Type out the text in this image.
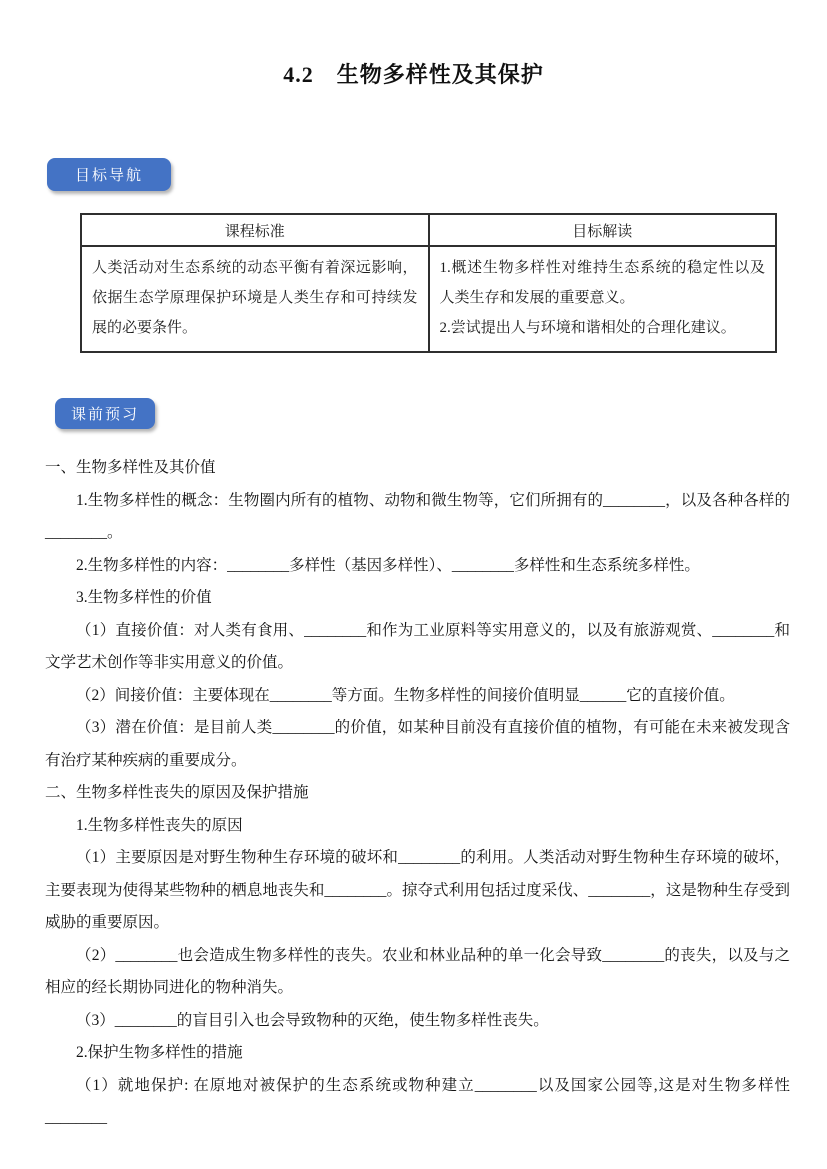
4.2　生物多样性及其保护
目标导航
课程标准	目标解读
人类活动对生态系统的动态平衡有着深远影响，依据生态学原理保护环境是人类生存和可持续发展的必要条件。	1.概述生物多样性对维持生态系统的稳定性以及人类生存和发展的重要意义。

2.尝试提出人与环境和谐相处的合理化建议。

课前预习

一、生物多样性及其价值

1.生物多样性的概念：生物圈内所有的植物、动物和微生物等，它们所拥有的________，以及各种各样的________。

2.生物多样性的内容：________多样性（基因多样性）、________多样性和生态系统多样性。

3.生物多样性的价值

（1）直接价值：对人类有食用、________和作为工业原料等实用意义的，以及有旅游观赏、________和文学艺术创作等非实用意义的价值。

（2）间接价值：主要体现在________等方面。生物多样性的间接价值明显______它的直接价值。

（3）潜在价值：是目前人类________的价值，如某种目前没有直接价值的植物，有可能在未来被发现含有治疗某种疾病的重要成分。

二、生物多样性丧失的原因及保护措施

1.生物多样性丧失的原因

（1）主要原因是对野生物种生存环境的破坏和________的利用。人类活动对野生物种生存环境的破坏，主要表现为使得某些物种的栖息地丧失和________。掠夺式利用包括过度采伐、________，这是物种生存受到威胁的重要原因。

（2）________也会造成生物多样性的丧失。农业和林业品种的单一化会导致________的丧失，以及与之相应的经长期协同进化的物种消失。

（3）________的盲目引入也会导致物种的灭绝，使生物多样性丧失。

2.保护生物多样性的措施

（1）就地保护: 在原地对被保护的生态系统或物种建立________以及国家公园等,这是对生物多样性________
